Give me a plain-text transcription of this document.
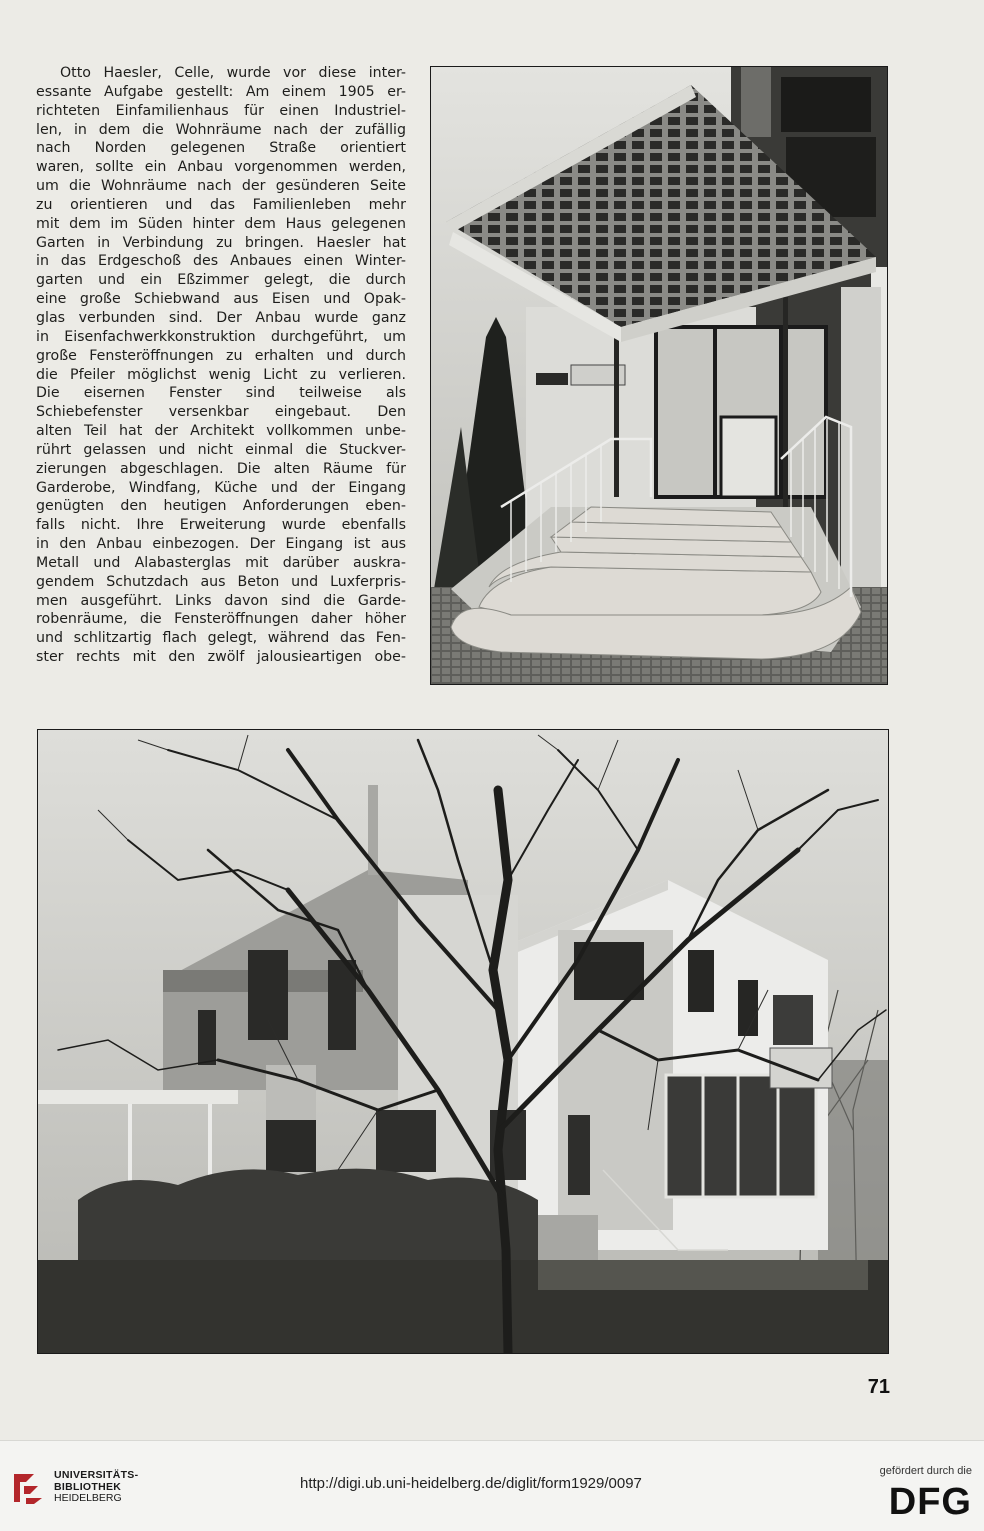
Otto Haesler, Celle, wurde vor diese inter-
essante Aufgabe gestellt: Am einem 1905 er-
richteten Einfamilienhaus für einen Industriel-
len, in dem die Wohnräume nach der zufällig
nach Norden gelegenen Straße orientiert
waren, sollte ein Anbau vorgenommen werden,
um die Wohnräume nach der gesünderen Seite
zu orientieren und das Familienleben mehr
mit dem im Süden hinter dem Haus gelegenen
Garten in Verbindung zu bringen. Haesler hat
in das Erdgeschoß des Anbaues einen Winter-
garten und ein Eßzimmer gelegt, die durch
eine große Schiebwand aus Eisen und Opak-
glas verbunden sind. Der Anbau wurde ganz
in Eisenfachwerkkonstruktion durchgeführt, um
große Fensteröffnungen zu erhalten und durch
die Pfeiler möglichst wenig Licht zu verlieren.
Die eisernen Fenster sind teilweise als
Schiebefenster versenkbar eingebaut. Den
alten Teil hat der Architekt vollkommen unbe-
rührt gelassen und nicht einmal die Stuckver-
zierungen abgeschlagen. Die alten Räume für
Garderobe, Windfang, Küche und der Eingang
genügten den heutigen Anforderungen eben-
falls nicht. Ihre Erweiterung wurde ebenfalls
in den Anbau einbezogen. Der Eingang ist aus
Metall und Alabasterglas mit darüber auskra-
gendem Schutzdach aus Beton und Luxferpris-
men ausgeführt. Links davon sind die Garde-
robenräume, die Fensteröffnungen daher höher
und schlitzartig flach gelegt, während das Fen-
ster rechts mit den zwölf jalousieartigen obe-
71
UNIVERSITÄTS-
BIBLIOTHEK
HEIDELBERG
http://digi.ub.uni-heidelberg.de/diglit/form1929/0097
gefördert durch die
DFG
